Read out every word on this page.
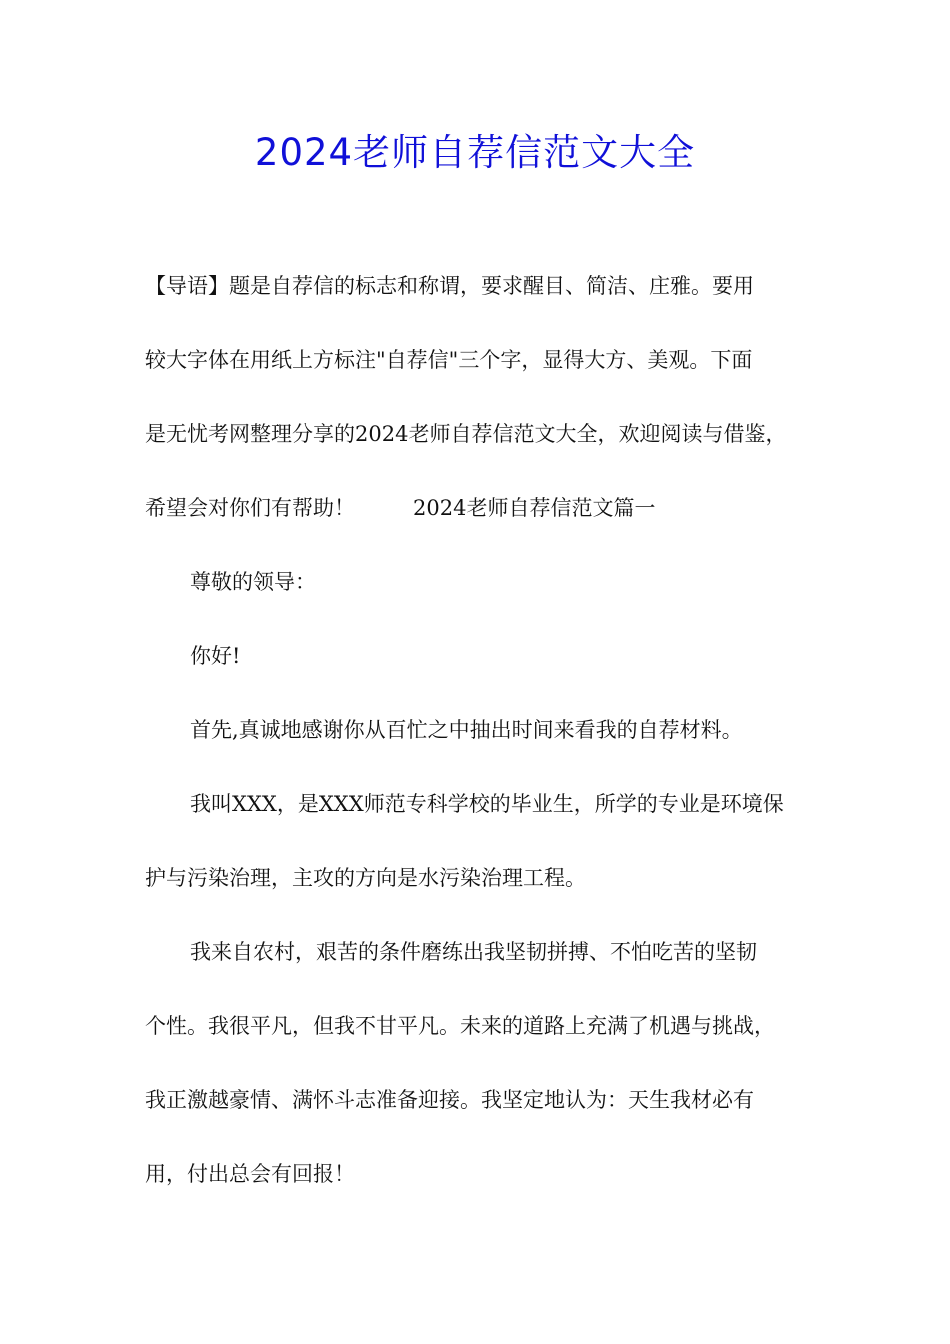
2024老师自荐信范文大全
【导语】题是自荐信的标志和称谓，要求醒目、简洁、庄雅。要用
较大字体在用纸上方标注"自荐信"三个字，显得大方、美观。下面
是无忧考网整理分享的2024老师自荐信范文大全，欢迎阅读与借鉴，
希望会对你们有帮助！	2024老师自荐信范文篇一
尊敬的领导：
你好!
首先,真诚地感谢你从百忙之中抽出时间来看我的自荐材料。
我叫XXX，是XXX师范专科学校的毕业生，所学的专业是环境保
护与污染治理，主攻的方向是水污染治理工程。
我来自农村，艰苦的条件磨练出我坚韧拼搏、不怕吃苦的坚韧
个性。我很平凡，但我不甘平凡。未来的道路上充满了机遇与挑战，
我正激越豪情、满怀斗志准备迎接。我坚定地认为：天生我材必有
用，付出总会有回报！
